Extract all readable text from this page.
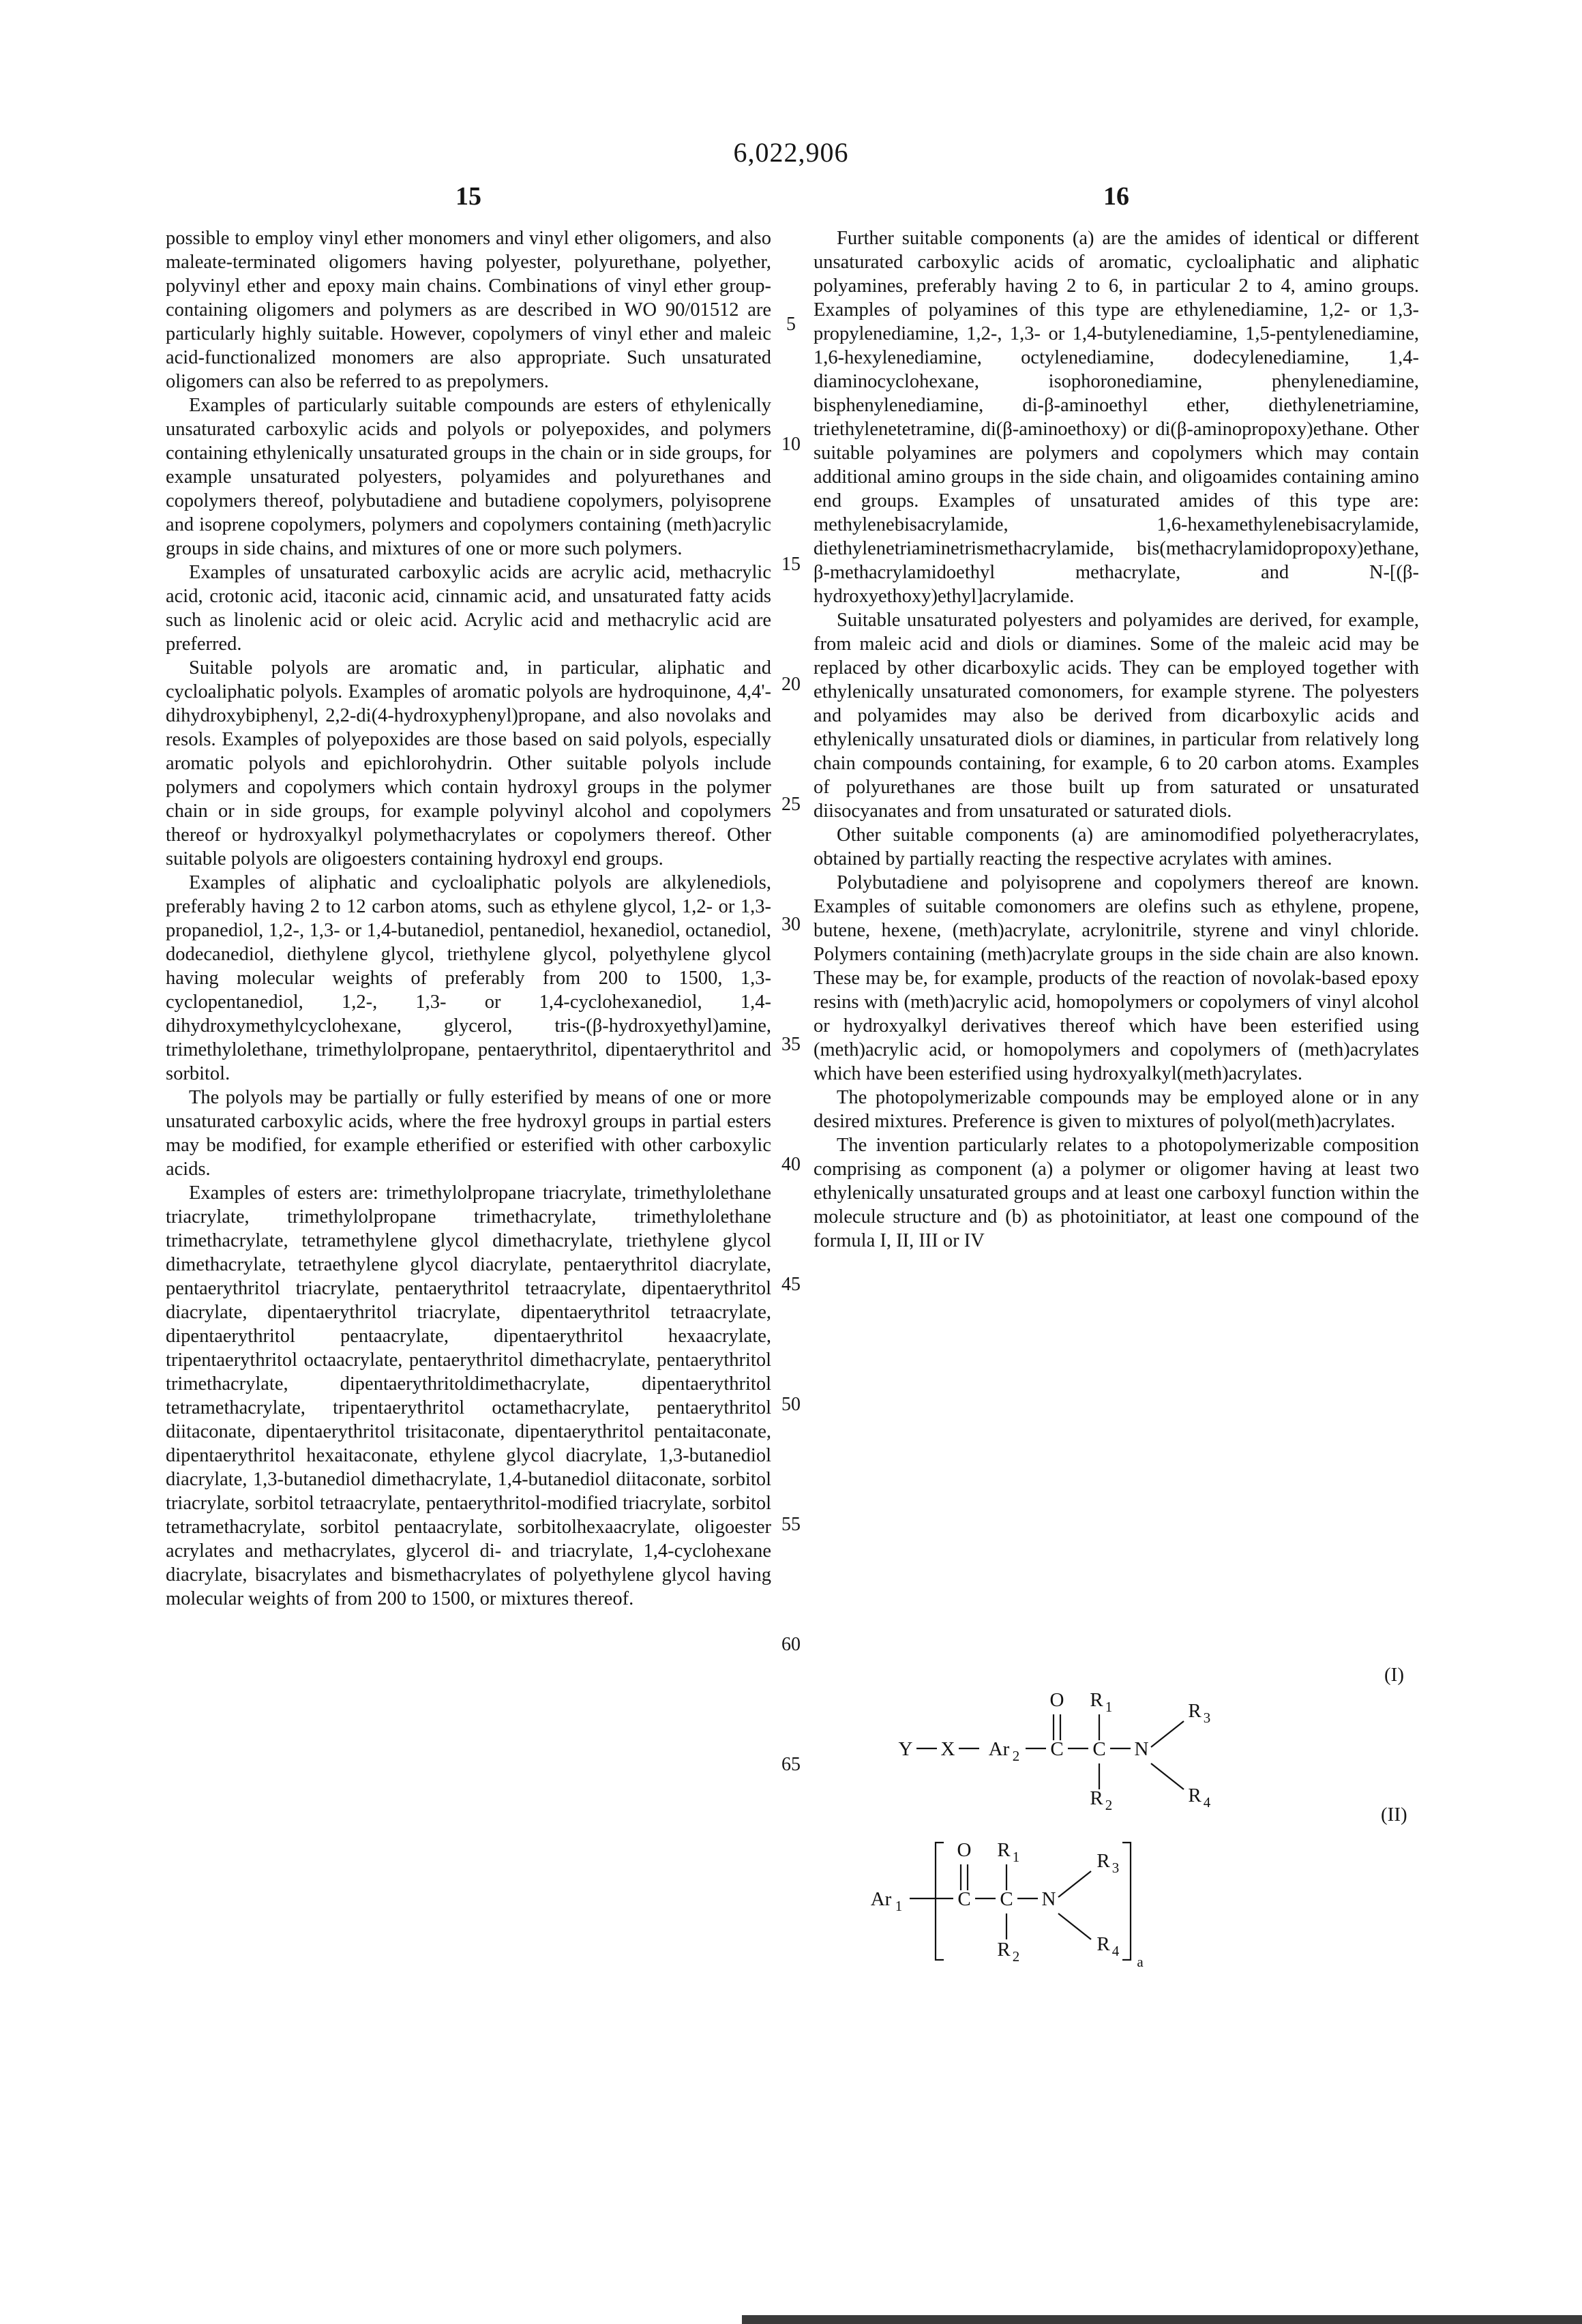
6,022,906
15	16

possible to employ vinyl ether monomers and vinyl ether oligomers, and also maleate-terminated oligomers having polyester, polyurethane, polyether, polyvinyl ether and epoxy main chains. Combinations of vinyl ether group-containing oligomers and polymers as are described in WO 90/01512 are particularly highly suitable. However, copolymers of vinyl ether and maleic acid-functionalized monomers are also appropriate. Such unsaturated oligomers can also be referred to as prepolymers.

Examples of particularly suitable compounds are esters of ethylenically unsaturated carboxylic acids and polyols or polyepoxides, and polymers containing ethylenically unsaturated groups in the chain or in side groups, for example unsaturated polyesters, polyamides and polyurethanes and copolymers thereof, polybutadiene and butadiene copolymers, polyisoprene and isoprene copolymers, polymers and copolymers containing (meth)acrylic groups in side chains, and mixtures of one or more such polymers.

Examples of unsaturated carboxylic acids are acrylic acid, methacrylic acid, crotonic acid, itaconic acid, cinnamic acid, and unsaturated fatty acids such as linolenic acid or oleic acid. Acrylic acid and methacrylic acid are preferred.

Suitable polyols are aromatic and, in particular, aliphatic and cycloaliphatic polyols. Examples of aromatic polyols are hydroquinone, 4,4'-dihydroxybiphenyl, 2,2-di(4-hydroxyphenyl)propane, and also novolaks and resols. Examples of polyepoxides are those based on said polyols, especially aromatic polyols and epichlorohydrin. Other suitable polyols include polymers and copolymers which contain hydroxyl groups in the polymer chain or in side groups, for example polyvinyl alcohol and copolymers thereof or hydroxyalkyl polymethacrylates or copolymers thereof. Other suitable polyols are oligoesters containing hydroxyl end groups.

Examples of aliphatic and cycloaliphatic polyols are alkylenediols, preferably having 2 to 12 carbon atoms, such as ethylene glycol, 1,2- or 1,3-propanediol, 1,2-, 1,3- or 1,4-butanediol, pentanediol, hexanediol, octanediol, dodecanediol, diethylene glycol, triethylene glycol, polyethylene glycol having molecular weights of preferably from 200 to 1500, 1,3-cyclopentanediol, 1,2-, 1,3- or 1,4-cyclohexanediol, 1,4-dihydroxymethylcyclohexane, glycerol, tris-(β-hydroxyethyl)amine, trimethylolethane, trimethylolpropane, pentaerythritol, dipentaerythritol and sorbitol.

The polyols may be partially or fully esterified by means of one or more unsaturated carboxylic acids, where the free hydroxyl groups in partial esters may be modified, for example etherified or esterified with other carboxylic acids.

Examples of esters are: trimethylolpropane triacrylate, trimethylolethane triacrylate, trimethylolpropane trimethacrylate, trimethylolethane trimethacrylate, tetramethylene glycol dimethacrylate, triethylene glycol dimethacrylate, tetraethylene glycol diacrylate, pentaerythritol diacrylate, pentaerythritol triacrylate, pentaerythritol tetraacrylate, dipentaerythritol diacrylate, dipentaerythritol triacrylate, dipentaerythritol tetraacrylate, dipentaerythritol pentaacrylate, dipentaerythritol hexaacrylate, tripentaerythritol octaacrylate, pentaerythritol dimethacrylate, pentaerythritol trimethacrylate, dipentaerythritoldimethacrylate, dipentaerythritol tetramethacrylate, tripentaerythritol octamethacrylate, pentaerythritol diitaconate, dipentaerythritol trisitaconate, dipentaerythritol pentaitaconate, dipentaerythritol hexaitaconate, ethylene glycol diacrylate, 1,3-butanediol diacrylate, 1,3-butanediol dimethacrylate, 1,4-butanediol diitaconate, sorbitol triacrylate, sorbitol tetraacrylate, pentaerythritol-modified triacrylate, sorbitol tetramethacrylate, sorbitol pentaacrylate, sorbitolhexaacrylate, oligoester acrylates and methacrylates, glycerol di- and triacrylate, 1,4-cyclohexane diacrylate, bisacrylates and bismethacrylates of polyethylene glycol having molecular weights of from 200 to 1500, or mixtures thereof.

Further suitable components (a) are the amides of identical or different unsaturated carboxylic acids of aromatic, cycloaliphatic and aliphatic polyamines, preferably having 2 to 6, in particular 2 to 4, amino groups. Examples of polyamines of this type are ethylenediamine, 1,2- or 1,3-propylenediamine, 1,2-, 1,3- or 1,4-butylenediamine, 1,5-pentylenediamine, 1,6-hexylenediamine, octylenediamine, dodecylenediamine, 1,4-diaminocyclohexane, isophoronediamine, phenylenediamine, bisphenylenediamine, di-β-aminoethyl ether, diethylenetriamine, triethylenetetramine, di(β-aminoethoxy) or di(β-aminopropoxy)ethane. Other suitable polyamines are polymers and copolymers which may contain additional amino groups in the side chain, and oligoamides containing amino end groups. Examples of unsaturated amides of this type are: methylenebisacrylamide, 1,6-hexamethylenebisacrylamide, diethylenetriaminetrismethacrylamide, bis(methacrylamidopropoxy)ethane, β-methacrylamidoethyl methacrylate, and N-[(β-hydroxyethoxy)ethyl]acrylamide.

Suitable unsaturated polyesters and polyamides are derived, for example, from maleic acid and diols or diamines. Some of the maleic acid may be replaced by other dicarboxylic acids. They can be employed together with ethylenically unsaturated comonomers, for example styrene. The polyesters and polyamides may also be derived from dicarboxylic acids and ethylenically unsaturated diols or diamines, in particular from relatively long chain compounds containing, for example, 6 to 20 carbon atoms. Examples of polyurethanes are those built up from saturated or unsaturated diisocyanates and from unsaturated or saturated diols.

Other suitable components (a) are aminomodified polyetheracrylates, obtained by partially reacting the respective acrylates with amines.

Polybutadiene and polyisoprene and copolymers thereof are known. Examples of suitable comonomers are olefins such as ethylene, propene, butene, hexene, (meth)acrylate, acrylonitrile, styrene and vinyl chloride. Polymers containing (meth)acrylate groups in the side chain are also known. These may be, for example, products of the reaction of novolak-based epoxy resins with (meth)acrylic acid, homopolymers or copolymers of vinyl alcohol or hydroxyalkyl derivatives thereof which have been esterified using (meth)acrylic acid, or homopolymers and copolymers of (meth)acrylates which have been esterified using hydroxyalkyl(meth)acrylates.

The photopolymerizable compounds may be employed alone or in any desired mixtures. Preference is given to mixtures of polyol(meth)acrylates.

The invention particularly relates to a photopolymerizable composition comprising as component (a) a polymer or oligomer having at least two ethylenically unsaturated groups and at least one carboxyl function within the molecule structure and (b) as photoinitiator, at least one compound of the formula I, II, III or IV

5
10
15
20
25
30
35
40
45
50
55
60
65
(I)
Y X Ar 2 C C N
O R 1
R 2
R 3
R 4
(II)
Ar 1	C
O
C N
R 1
R 2
R 3
R 4
a
